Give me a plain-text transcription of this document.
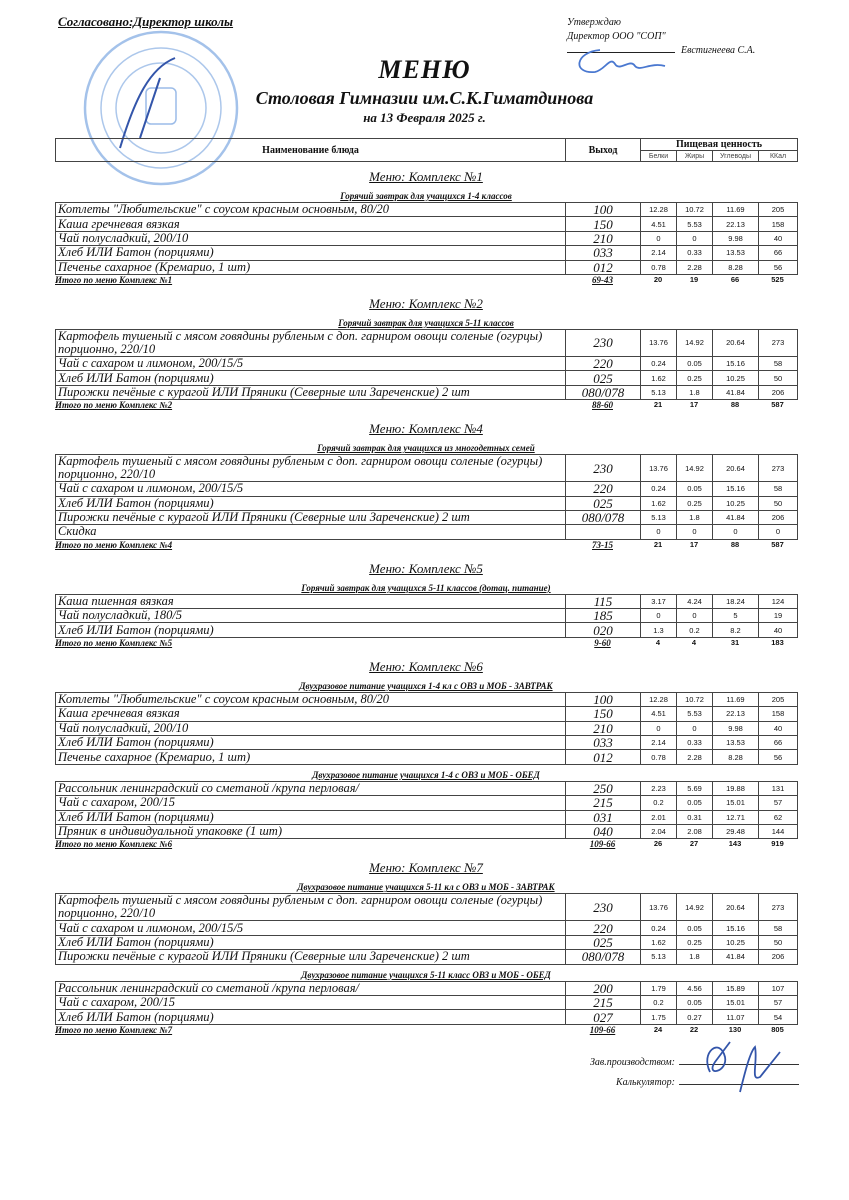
Согласовано:Директор школы	Утверждаю
Директор ООО "СОП"
Евстигнеева С.А.
МЕНЮ
Столовая Гимназии им.С.К.Гиматдинова
на 13 Февраля 2025 г.
Наименование блюда	Выход	Пищевая ценность			
		Белки	Жиры	Углеводы	ККал
Меню: Комплекс №1
Горячий завтрак для учащихся 1-4 классов
Котлеты "Любительские" с соусом красным основным, 80/20	100	12.28	10.72	11.69	205
Каша гречневая вязкая	150	4.51	5.53	22.13	158
Чай полусладкий, 200/10	210	0	0	9.98	40
Хлеб ИЛИ Батон (порциями)	033	2.14	0.33	13.53	66
Печенье сахарное (Кремарио, 1 шт)	012	0.78	2.28	8.28	56
Итого по меню Комплекс №1	69-43	20	19	66	525
Меню: Комплекс №2
Горячий завтрак для учащихся 5-11 классов
Картофель тушеный с мясом говядины рубленым с доп. гарниром овощи соленые (огурцы) порционно, 220/10	230	13.76	14.92	20.64	273
Чай с сахаром и лимоном, 200/15/5	220	0.24	0.05	15.16	58
Хлеб ИЛИ Батон (порциями)	025	1.62	0.25	10.25	50
Пирожки печёные с курагой ИЛИ Пряники (Северные или Зареченские) 2 шт	080/078	5.13	1.8	41.84	206
Итого по меню Комплекс №2	88-60	21	17	88	587
Меню: Комплекс №4
Горячий завтрак для учащихся из многодетных семей
Картофель тушеный с мясом говядины рубленым с доп. гарниром овощи соленые (огурцы) порционно, 220/10	230	13.76	14.92	20.64	273
Чай с сахаром и лимоном, 200/15/5	220	0.24	0.05	15.16	58
Хлеб ИЛИ Батон (порциями)	025	1.62	0.25	10.25	50
Пирожки печёные с курагой ИЛИ Пряники (Северные или Зареченские) 2 шт	080/078	5.13	1.8	41.84	206
Скидка		0	0	0	0
Итого по меню Комплекс №4	73-15	21	17	88	587
Меню: Комплекс №5
Горячий завтрак для учащихся 5-11 классов (дотац. питание)
Каша пшенная вязкая	115	3.17	4.24	18.24	124
Чай полусладкий, 180/5	185	0	0	5	19
Хлеб ИЛИ Батон (порциями)	020	1.3	0.2	8.2	40
Итого по меню Комплекс №5	9-60	4	4	31	183
Меню: Комплекс №6
Двухразовое питание учащихся 1-4 кл с ОВЗ и МОБ - ЗАВТРАК
Котлеты "Любительские" с соусом красным основным, 80/20	100	12.28	10.72	11.69	205
Каша гречневая вязкая	150	4.51	5.53	22.13	158
Чай полусладкий, 200/10	210	0	0	9.98	40
Хлеб ИЛИ Батон (порциями)	033	2.14	0.33	13.53	66
Печенье сахарное (Кремарио, 1 шт)	012	0.78	2.28	8.28	56
Двухразовое питание учащихся 1-4 с ОВЗ и МОБ - ОБЕД
Рассольник ленинградский со сметаной /крупа перловая/	250	2.23	5.69	19.88	131
Чай с сахаром, 200/15	215	0.2	0.05	15.01	57
Хлеб ИЛИ Батон (порциями)	031	2.01	0.31	12.71	62
Пряник в индивидуальной упаковке (1 шт)	040	2.04	2.08	29.48	144
Итого по меню Комплекс №6	109-66	26	27	143	919
Меню: Комплекс №7
Двухразовое питание учащихся 5-11 кл с ОВЗ и МОБ - ЗАВТРАК
Картофель тушеный с мясом говядины рубленым с доп. гарниром овощи соленые (огурцы) порционно, 220/10	230	13.76	14.92	20.64	273
Чай с сахаром и лимоном, 200/15/5	220	0.24	0.05	15.16	58
Хлеб ИЛИ Батон (порциями)	025	1.62	0.25	10.25	50
Пирожки печёные с курагой ИЛИ Пряники (Северные или Зареченские) 2 шт	080/078	5.13	1.8	41.84	206
Двухразовое питание учащихся 5-11 класс ОВЗ и МОБ - ОБЕД
Рассольник ленинградский со сметаной /крупа перловая/	200	1.79	4.56	15.89	107
Чай с сахаром, 200/15	215	0.2	0.05	15.01	57
Хлеб ИЛИ Батон (порциями)	027	1.75	0.27	11.07	54
Итого по меню Комплекс №7	109-66	24	22	130	805
Зав.производством:
Калькулятор:
